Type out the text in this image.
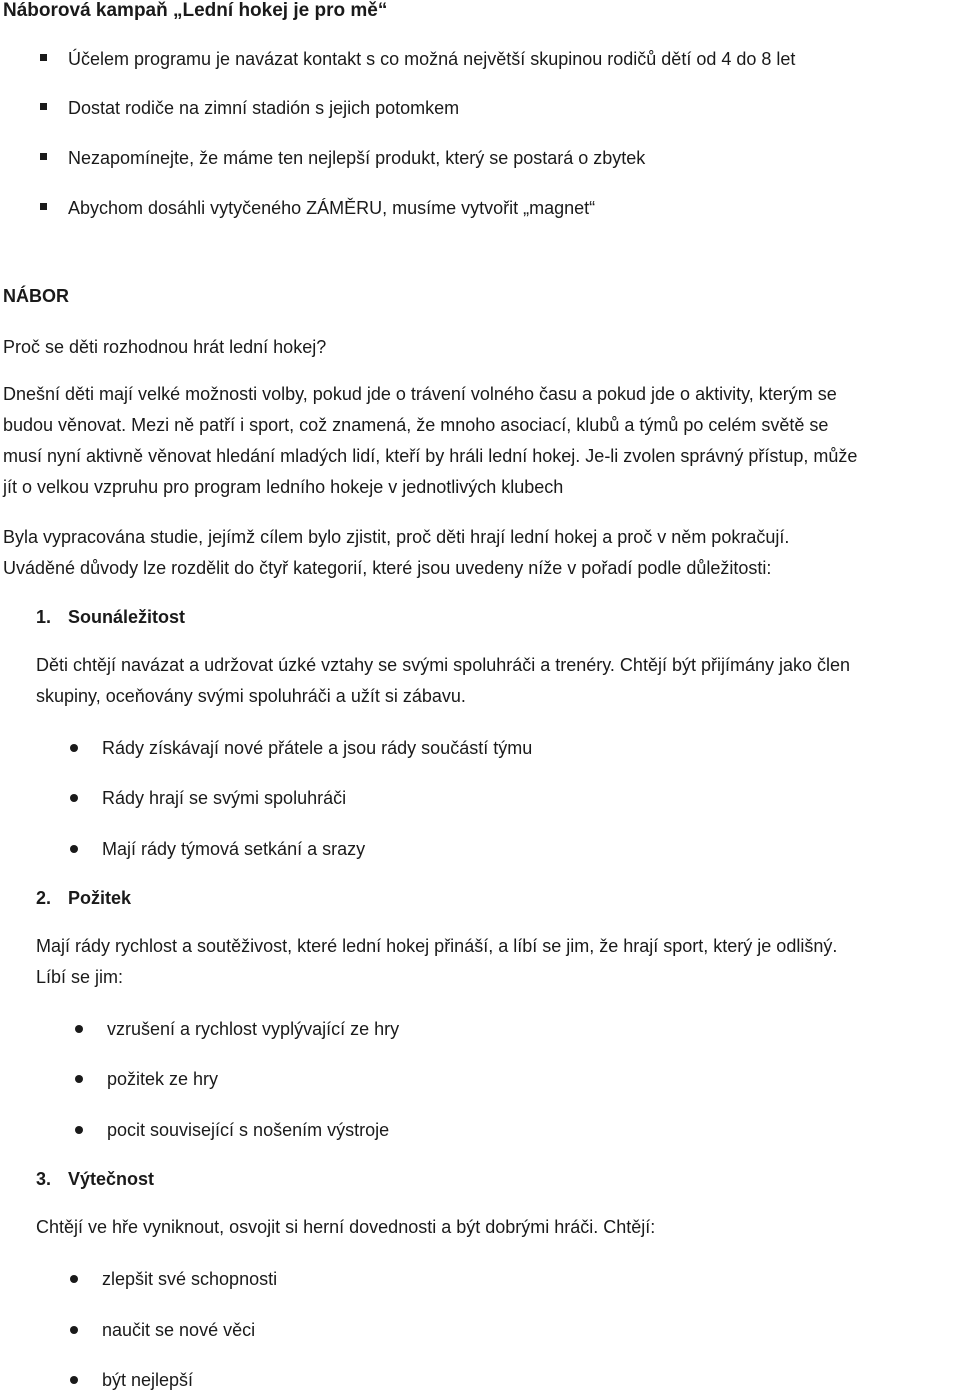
Náborová kampaň „Lední hokej je pro mě“
Účelem programu je navázat kontakt s co možná největší skupinou rodičů dětí od 4 do 8 let
Dostat rodiče na zimní stadión s jejich potomkem
Nezapomínejte, že máme ten nejlepší produkt, který se postará o zbytek
Abychom dosáhli vytyčeného ZÁMĚRU, musíme vytvořit „magnet“
NÁBOR
Proč se děti rozhodnou hrát lední hokej?
Dnešní děti mají velké možnosti volby, pokud jde o trávení volného času a pokud jde o aktivity, kterým se
budou věnovat. Mezi ně patří i sport, což znamená, že mnoho asociací, klubů a týmů po celém světě se
musí nyní aktivně věnovat hledání mladých lidí, kteří by hráli lední hokej. Je-li zvolen správný přístup, může
jít o velkou vzpruhu pro program ledního hokeje v jednotlivých klubech
Byla vypracována studie, jejímž cílem bylo zjistit, proč děti hrají lední hokej a proč v něm pokračují.
Uváděné důvody lze rozdělit do čtyř kategorií, které jsou uvedeny níže v pořadí podle důležitosti:
1. Sounáležitost
Děti chtějí navázat a udržovat úzké vztahy se svými spoluhráči a trenéry. Chtějí být přijímány jako člen
skupiny, oceňovány svými spoluhráči a užít si zábavu.
Rády získávají nové přátele a jsou rády součástí týmu
Rády hrají se svými spoluhráči
Mají rády týmová setkání a srazy
2. Požitek
Mají rády rychlost a soutěživost, které lední hokej přináší, a líbí se jim, že hrají sport, který je odlišný.
Líbí se jim:
vzrušení a rychlost vyplývající ze hry
požitek ze hry
pocit související s nošením výstroje
3. Výtečnost
Chtějí ve hře vyniknout, osvojit si herní dovednosti a být dobrými hráči. Chtějí:
zlepšit své schopnosti
naučit se nové věci
být nejlepší
